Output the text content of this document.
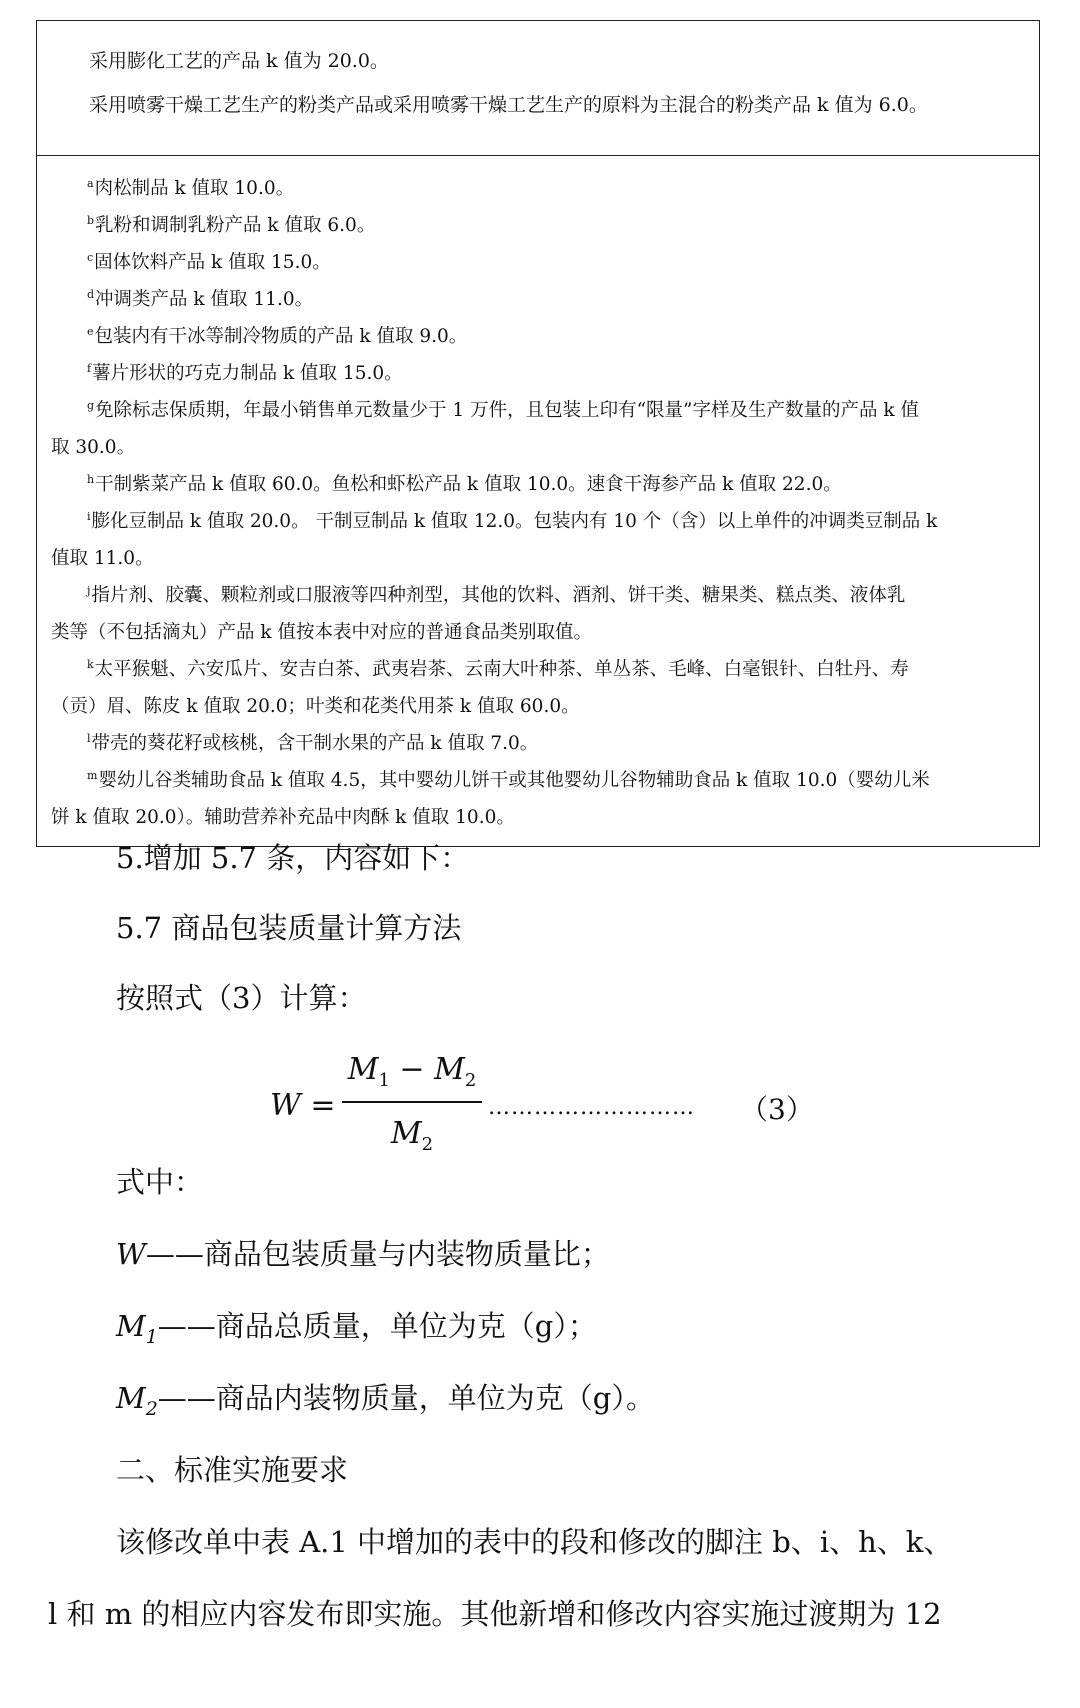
采用膨化工艺的产品 k 值为 20.0。
采用喷雾干燥工艺生产的粉类产品或采用喷雾干燥工艺生产的原料为主混合的粉类产品 k 值为 6.0。
$^a$肉松制品 k 值取 10.0。
$^b$乳粉和调制乳粉产品 k 值取 6.0。
$^c$固体饮料产品 k 值取 15.0。
$^d$冲调类产品 k 值取 11.0。
$^e$包装内有干冰等制冷物质的产品 k 值取 9.0。
$^f$薯片形状的巧克力制品 k 值取 15.0。
$^g$免除标志保质期，年最小销售单元数量少于 1 万件，且包装上印有“限量”字样及生产数量的产品 k 值
取 30.0。
$^h$干制紫菜产品 k 值取 60.0。鱼松和虾松产品 k 值取 10.0。速食干海参产品 k 值取 22.0。
$^i$膨化豆制品 k 值取 20.0。 干制豆制品 k 值取 12.0。包装内有 10 个（含）以上单件的冲调类豆制品 k
值取 11.0。
$^j$指片剂、胶囊、颗粒剂或口服液等四种剂型，其他的饮料、酒剂、饼干类、糖果类、糕点类、液体乳
类等（不包括滴丸）产品 k 值按本表中对应的普通食品类别取值。
$^k$太平猴魁、六安瓜片、安吉白茶、武夷岩茶、云南大叶种茶、单丛茶、毛峰、白毫银针、白牡丹、寿
（贡）眉、陈皮 k 值取 20.0；叶类和花类代用茶 k 值取 60.0。
$^l$带壳的葵花籽或核桃，含干制水果的产品 k 值取 7.0。
$^m$婴幼儿谷类辅助食品 k 值取 4.5，其中婴幼儿饼干或其他婴幼儿谷物辅助食品 k 值取 10.0（婴幼儿米
饼 k 值取 20.0）。辅助营养补充品中肉酥 k 值取 10.0。
5.增加 5.7 条，内容如下：
5.7 商品包装质量计算方法
按照式（3）计算：
W =
$M_1 - M_2$
$M_2$
……………………… （3）
式中：
W——商品包装质量与内装物质量比；
$M_1——$商品总质量，单位为克（g）；
$M_2——$商品内装物质量，单位为克（g）。
二、标准实施要求
该修改单中表 A.1 中增加的表中的段和修改的脚注 b、i、h、k、
l 和 m 的相应内容发布即实施。其他新增和修改内容实施过渡期为 12
